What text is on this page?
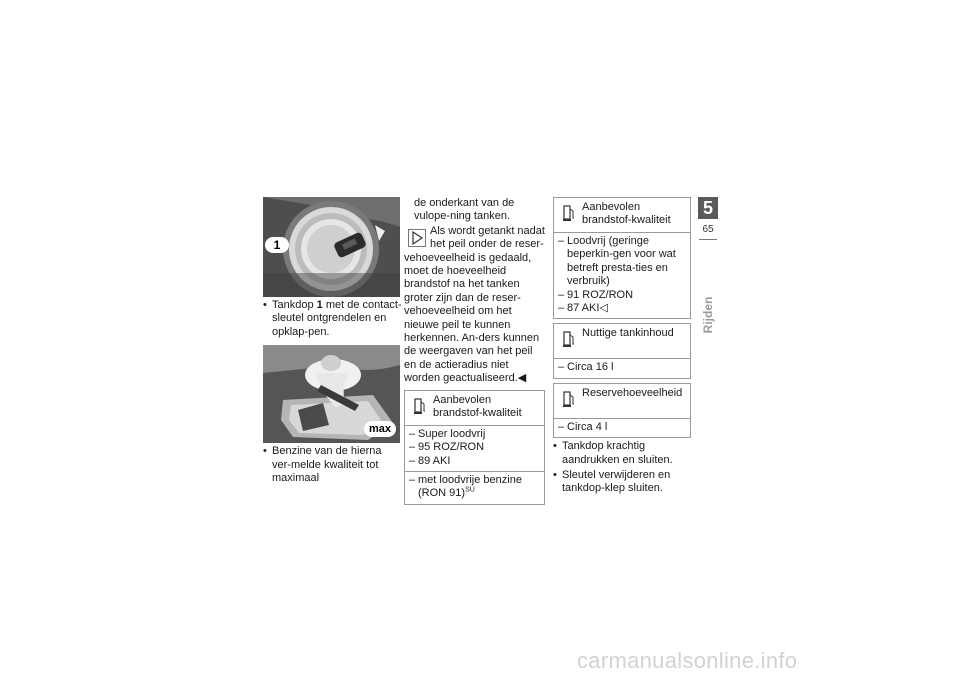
1
• Tankdop 1 met de contact-sleutel ontgrendelen en opklap-pen.
max
• Benzine van de hierna ver-melde kwaliteit tot maximaal
de onderkant van de vulope-ning tanken.
Als wordt getankt nadat het peil onder de reser-
vehoeveelheid is gedaald, moet de hoeveelheid brandstof na het tanken groter zijn dan de reser-vehoeveelheid om het nieuwe peil te kunnen herkennen. An-ders kunnen de weergaven van het peil en de actieradius niet worden geactualiseerd.◀
Aanbevolen brandstof-kwaliteit
– Super loodvrij
– 95 ROZ/RON
– 89 AKI
– met loodvrije benzine (RON 91)$^{SU}$
Aanbevolen brandstof-kwaliteit
– Loodvrij (geringe beperkin-gen voor wat betreft presta-ties en verbruik)
– 91 ROZ/RON
– 87 AKI◁
Nuttige tankinhoud
– Circa 16 l
Reservehoeveelheid
– Circa 4 l
• Tankdop krachtig aandrukken en sluiten.
• Sleutel verwijderen en tankdop-klep sluiten.
5
65
Rijden
carmanualsonline.info
